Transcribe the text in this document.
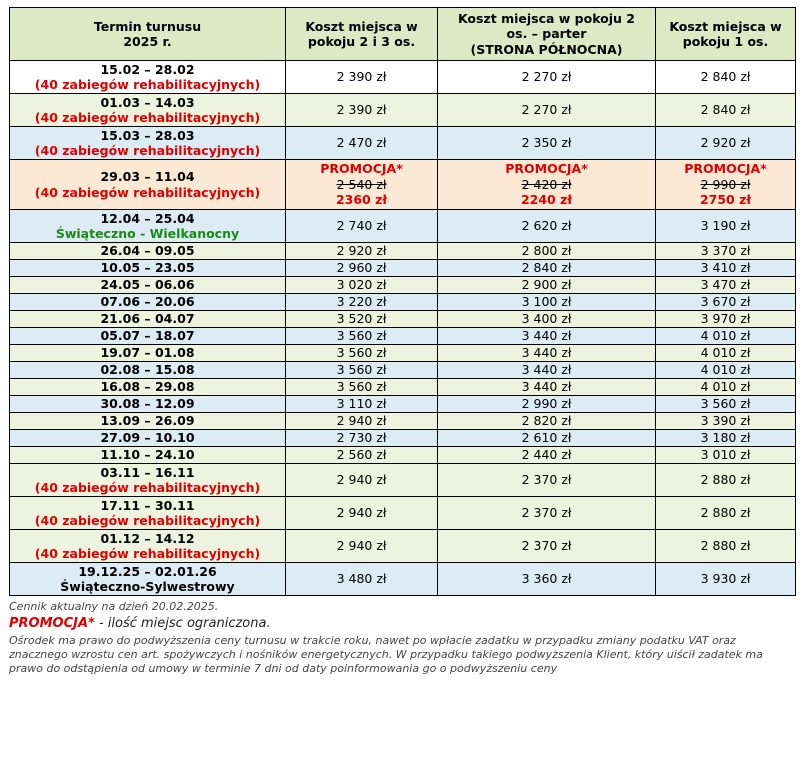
Termin turnusu
2025 r.	Koszt miejsca w
pokoju 2 i 3 os.	Koszt miejsca w pokoju 2
os. – parter
(STRONA PÓŁNOCNA)	Koszt miejsca w
pokoju 1 os.

15.02 – 28.02
(40 zabiegów rehabilitacyjnych)	2 390 zł	2 270 zł	2 840 zł

01.03 – 14.03
(40 zabiegów rehabilitacyjnych)	2 390 zł	2 270 zł	2 840 zł

15.03 – 28.03
(40 zabiegów rehabilitacyjnych)	2 470 zł	2 350 zł	2 920 zł

29.03 – 11.04
(40 zabiegów rehabilitacyjnych)	PROMOCJA*
2 540 zł
2360 zł	PROMOCJA*
2 420 zł
2240 zł	PROMOCJA*
2 990 zł
2750 zł

12.04 – 25.04
Świąteczno - Wielkanocny	2 740 zł	2 620 zł	3 190 zł

26.04 – 09.05	2 920 zł	2 800 zł	3 370 zł

10.05 – 23.05	2 960 zł	2 840 zł	3 410 zł

24.05 – 06.06	3 020 zł	2 900 zł	3 470 zł

07.06 – 20.06	3 220 zł	3 100 zł	3 670 zł

21.06 – 04.07	3 520 zł	3 400 zł	3 970 zł

05.07 – 18.07	3 560 zł	3 440 zł	4 010 zł

19.07 – 01.08	3 560 zł	3 440 zł	4 010 zł

02.08 – 15.08	3 560 zł	3 440 zł	4 010 zł

16.08 – 29.08	3 560 zł	3 440 zł	4 010 zł

30.08 – 12.09	3 110 zł	2 990 zł	3 560 zł

13.09 – 26.09	2 940 zł	2 820 zł	3 390 zł

27.09 – 10.10	2 730 zł	2 610 zł	3 180 zł

11.10 – 24.10	2 560 zł	2 440 zł	3 010 zł

03.11 – 16.11
(40 zabiegów rehabilitacyjnych)	2 940 zł	2 370 zł	2 880 zł

17.11 – 30.11
(40 zabiegów rehabilitacyjnych)	2 940 zł	2 370 zł	2 880 zł

01.12 – 14.12
(40 zabiegów rehabilitacyjnych)	2 940 zł	2 370 zł	2 880 zł

19.12.25 – 02.01.26
Świąteczno-Sylwestrowy	3 480 zł	3 360 zł	3 930 zł
Cennik aktualny na dzień 20.02.2025.
PROMOCJA* - ilość miejsc ograniczona.
Ośrodek ma prawo do podwyższenia ceny turnusu w trakcie roku, nawet po wpłacie zadatku w przypadku zmiany podatku VAT oraz znacznego wzrostu cen art. spożywczych i nośników energetycznych. W przypadku takiego podwyższenia Klient, który uiścił zadatek ma prawo do odstąpienia od umowy w terminie 7 dni od daty poinformowania go o podwyższeniu ceny
